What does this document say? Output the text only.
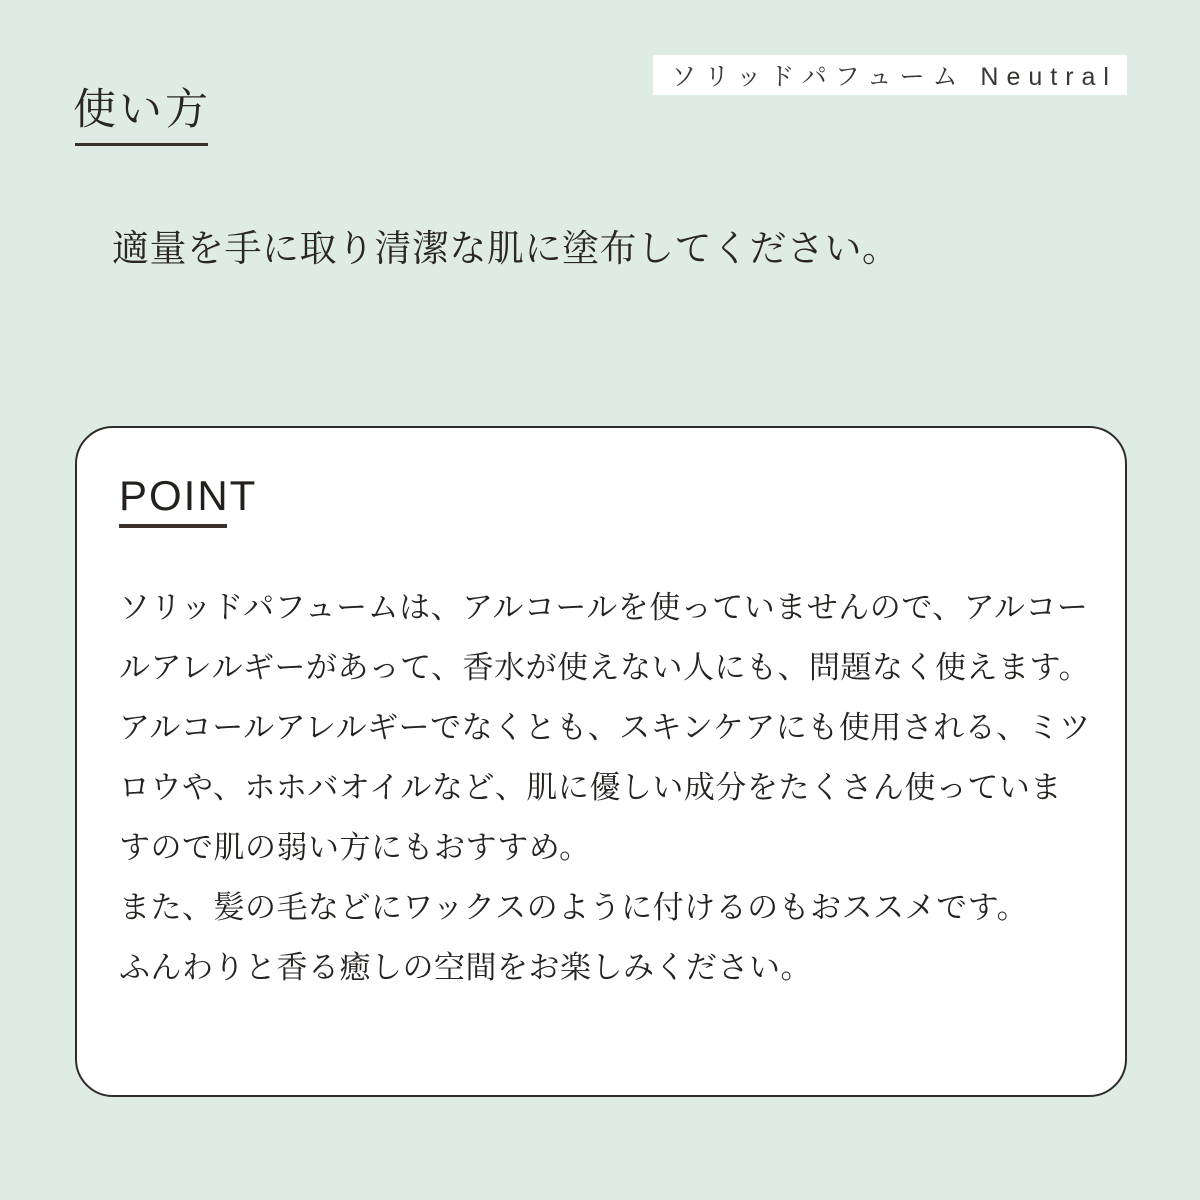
ソリッドパフューム Neutral
使い方

適量を手に取り清潔な肌に塗布してください。

POINT
ソリッドパフュームは、アルコールを使っていませんので、アルコー
ルアレルギーがあって、香水が使えない人にも、問題なく使えます。
アルコールアレルギーでなくとも、スキンケアにも使用される、ミツ
ロウや、ホホバオイルなど、肌に優しい成分をたくさん使っていま
すので肌の弱い方にもおすすめ。
また、髪の毛などにワックスのように付けるのもおススメです。
ふんわりと香る癒しの空間をお楽しみください。
